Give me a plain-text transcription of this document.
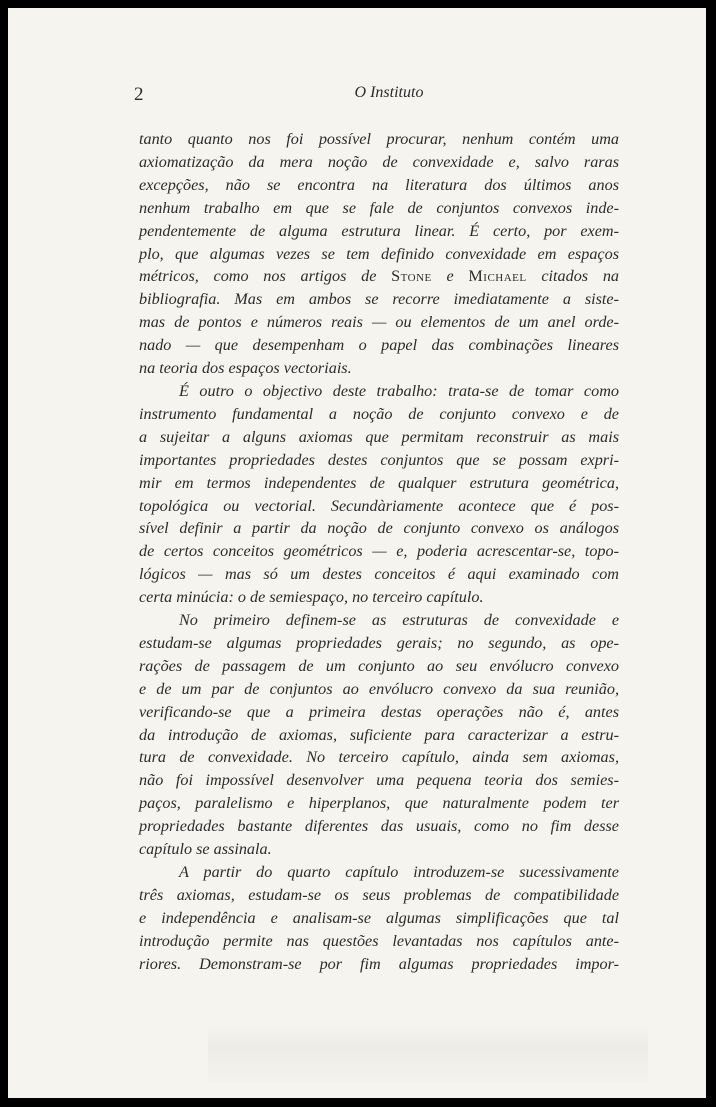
2	O Instituto

tanto quanto nos foi possível procurar, nenhum contém uma
axiomatização da mera noção de convexidade e, salvo raras
excepções, não se encontra na literatura dos últimos anos
nenhum trabalho em que se fale de conjuntos convexos inde-
pendentemente de alguma estrutura linear. É certo, por exem-
plo, que algumas vezes se tem definido convexidade em espaços
métricos, como nos artigos de Stone e Michael citados na
bibliografia. Mas em ambos se recorre imediatamente a siste-
mas de pontos e números reais — ou elementos de um anel orde-
nado — que desempenham o papel das combinações lineares
na teoria dos espaços vectoriais.

É outro o objectivo deste trabalho: trata-se de tomar como
instrumento fundamental a noção de conjunto convexo e de
a sujeitar a alguns axiomas que permitam reconstruir as mais
importantes propriedades destes conjuntos que se possam expri-
mir em termos independentes de qualquer estrutura geométrica,
topológica ou vectorial. Secundàriamente acontece que é pos-
sível definir a partir da noção de conjunto convexo os análogos
de certos conceitos geométricos — e, poderia acrescentar-se, topo-
lógicos — mas só um destes conceitos é aqui examinado com
certa minúcia: o de semiespaço, no terceiro capítulo.

No primeiro definem-se as estruturas de convexidade e
estudam-se algumas propriedades gerais; no segundo, as ope-
rações de passagem de um conjunto ao seu envólucro convexo
e de um par de conjuntos ao envólucro convexo da sua reunião,
verificando-se que a primeira destas operações não é, antes
da introdução de axiomas, suficiente para caracterizar a estru-
tura de convexidade. No terceiro capítulo, ainda sem axiomas,
não foi impossível desenvolver uma pequena teoria dos semies-
paços, paralelismo e hiperplanos, que naturalmente podem ter
propriedades bastante diferentes das usuais, como no fim desse
capítulo se assinala.

A partir do quarto capítulo introduzem-se sucessivamente
três axiomas, estudam-se os seus problemas de compatibilidade
e independência e analisam-se algumas simplificações que tal
introdução permite nas questões levantadas nos capítulos ante-
riores. Demonstram-se por fim algumas propriedades impor-
